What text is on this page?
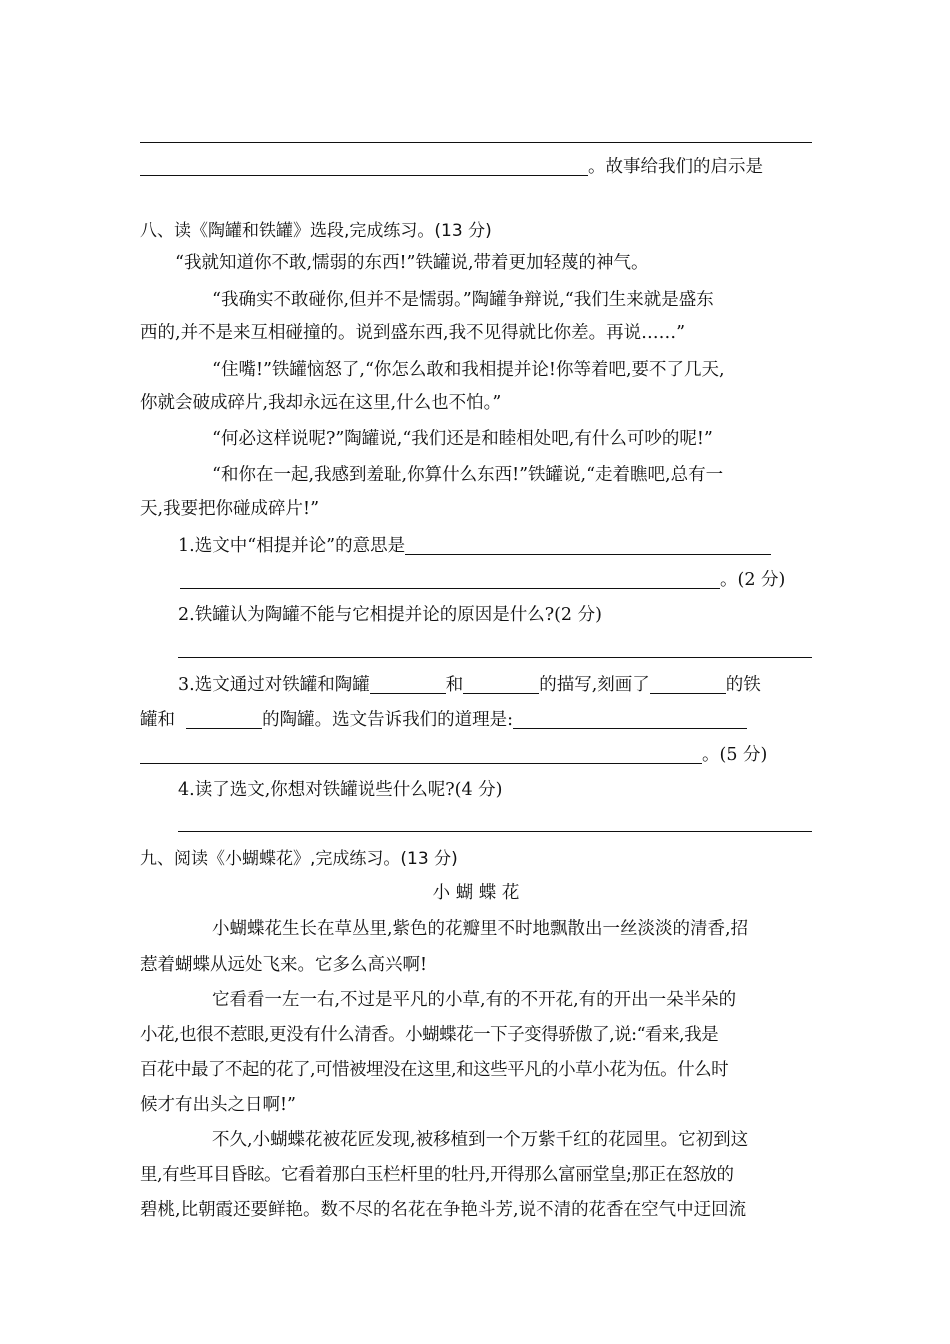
。故事给我们的启示是
八、读《陶罐和铁罐》选段,完成练习。(13 分)
“我就知道你不敢,懦弱的东西!”铁罐说,带着更加轻蔑的神气。
“我确实不敢碰你,但并不是懦弱。”陶罐争辩说,“我们生来就是盛东
西的,并不是来互相碰撞的。说到盛东西,我不见得就比你差。再说……”
“住嘴!”铁罐恼怒了,“你怎么敢和我相提并论!你等着吧,要不了几天,
你就会破成碎片,我却永远在这里,什么也不怕。”
“何必这样说呢?”陶罐说,“我们还是和睦相处吧,有什么可吵的呢!”
“和你在一起,我感到羞耻,你算什么东西!”铁罐说,“走着瞧吧,总有一
天,我要把你碰成碎片!”
1.选文中“相提并论”的意思是
。(2 分)
2.铁罐认为陶罐不能与它相提并论的原因是什么?(2 分)
3.选文通过对铁罐和陶罐	和	的描写,刻画了	的铁
罐和	的陶罐。选文告诉我们的道理是:
。(5 分)
4.读了选文,你想对铁罐说些什么呢?(4 分)
九、阅读《小蝴蝶花》,完成练习。(13 分)
小 蝴 蝶 花
小蝴蝶花生长在草丛里,紫色的花瓣里不时地飘散出一丝淡淡的清香,招
惹着蝴蝶从远处飞来。它多么高兴啊!
它看看一左一右,不过是平凡的小草,有的不开花,有的开出一朵半朵的
小花,也很不惹眼,更没有什么清香。小蝴蝶花一下子变得骄傲了,说:“看来,我是
百花中最了不起的花了,可惜被埋没在这里,和这些平凡的小草小花为伍。什么时
候才有出头之日啊!”
不久,小蝴蝶花被花匠发现,被移植到一个万紫千红的花园里。它初到这
里,有些耳目昏眩。它看着那白玉栏杆里的牡丹,开得那么富丽堂皇;那正在怒放的
碧桃,比朝霞还要鲜艳。数不尽的名花在争艳斗芳,说不清的花香在空气中迂回流
